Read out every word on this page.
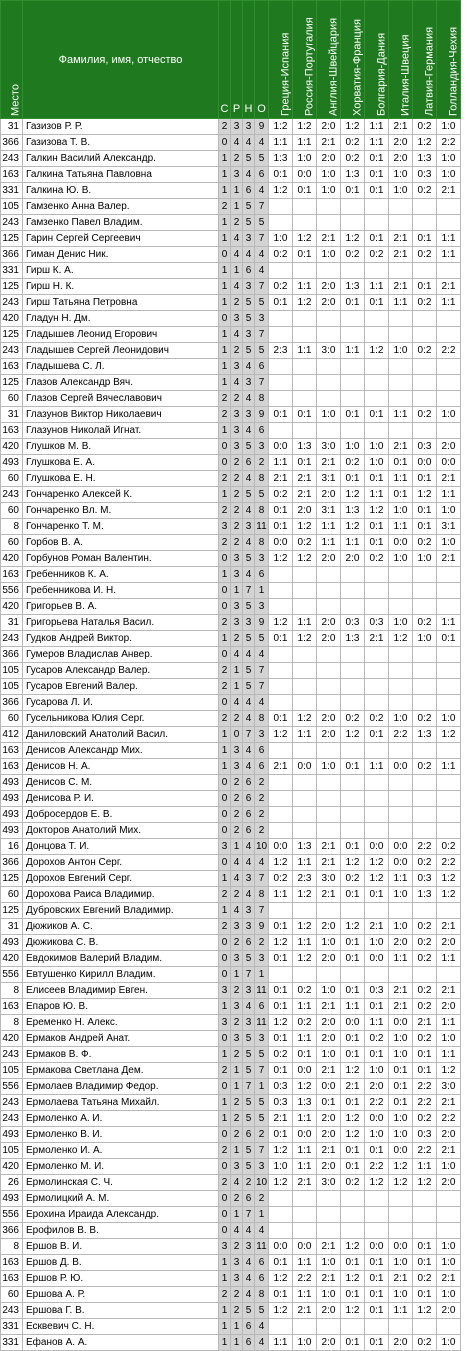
Место	Фамилия, имя, отчество	С	Р	Н	О	Греция-Испания	Россия-Португалия	Англия-Швейцария	Хорватия-Франция	Болгария-Дания	Италия-Швеция	Латвия-Германия	Голландия-Чехия
31	Газизов Р. Р.	2	3	3	9	1:2	1:2	2:0	1:2	1:1	2:1	0:2	1:0
366	Газизова Т. В.	0	4	4	4	1:1	1:1	2:1	0:2	1:1	2:0	1:2	2:2
243	Галкин Василий Александр.	1	2	5	5	1:3	1:0	2:0	0:2	0:1	2:0	1:3	1:0
163	Галкина Татьяна Павловна	1	3	4	6	0:1	0:0	1:0	1:3	0:1	1:0	0:3	1:0
331	Галкина Ю. В.	1	1	6	4	1:2	0:1	1:0	0:1	0:1	1:0	0:2	2:1
105	Гамзенко Анна Валер.	2	1	5	7								
243	Гамзенко Павел Владим.	1	2	5	5								
125	Гарин Сергей Сергеевич	1	4	3	7	1:0	1:2	2:1	1:2	0:1	2:1	0:1	1:1
366	Гиман Денис Ник.	0	4	4	4	0:2	0:1	1:0	0:2	0:2	2:1	0:2	1:1
331	Гирш К. А.	1	1	6	4								
125	Гирш Н. К.	1	4	3	7	0:2	1:1	2:0	1:3	1:1	2:1	0:1	2:1
243	Гирш Татьяна Петровна	1	2	5	5	0:1	1:2	2:0	0:1	0:1	1:1	0:2	1:1
420	Гладун Н. Дм.	0	3	5	3								
125	Гладышев Леонид Егорович	1	4	3	7								
243	Гладышев Сергей Леонидович	1	2	5	5	2:3	1:1	3:0	1:1	1:2	1:0	0:2	2:2
163	Гладышева С. Л.	1	3	4	6								
125	Глазов Александр Вяч.	1	4	3	7								
60	Глазов Сергей Вячеславович	2	2	4	8								
31	Глазунов Виктор Николаевич	2	3	3	9	0:1	0:1	1:0	0:1	0:1	1:1	0:2	1:0
163	Глазунов Николай Игнат.	1	3	4	6								
420	Глушков М. В.	0	3	5	3	0:0	1:3	3:0	1:0	1:0	2:1	0:3	2:0
493	Глушкова Е. А.	0	2	6	2	1:1	0:1	2:1	0:2	1:0	0:1	0:0	0:0
60	Глушкова Е. Н.	2	2	4	8	2:1	2:1	3:1	0:1	0:1	1:1	0:1	2:1
243	Гончаренко Алексей К.	1	2	5	5	0:2	2:1	2:0	1:2	1:1	0:1	1:2	1:1
60	Гончаренко Вл. М.	2	2	4	8	0:1	2:0	3:1	1:3	1:2	1:0	0:1	1:0
8	Гончаренко Т. М.	3	2	3	11	0:1	1:2	1:1	1:2	0:1	1:1	0:1	3:1
60	Горбов В. А.	2	2	4	8	0:0	0:2	1:1	1:1	0:1	0:0	0:2	1:0
420	Горбунов Роман Валентин.	0	3	5	3	1:2	1:2	2:0	2:0	0:2	1:0	1:0	2:1
163	Гребенников К. А.	1	3	4	6								
556	Гребенникова И. Н.	0	1	7	1								
420	Григорьев В. А.	0	3	5	3								
31	Григорьева Наталья Васил.	2	3	3	9	1:2	1:1	2:0	0:3	0:3	1:0	0:2	1:1
243	Гудков Андрей Виктор.	1	2	5	5	0:1	1:2	2:0	1:3	2:1	1:2	1:0	0:1
366	Гумеров Владислав Анвер.	0	4	4	4								
105	Гусаров Александр Валер.	2	1	5	7								
105	Гусаров Евгений Валер.	2	1	5	7								
366	Гусарова Л. И.	0	4	4	4								
60	Гусельникова Юлия Серг.	2	2	4	8	0:1	1:2	2:0	0:2	0:2	1:0	0:2	1:0
412	Даниловский Анатолий Васил.	1	0	7	3	1:2	1:1	2:0	1:2	0:1	2:2	1:3	1:2
163	Денисов Александр Мих.	1	3	4	6								
163	Денисов Н. А.	1	3	4	6	2:1	0:0	1:0	0:1	1:1	0:0	0:2	1:1
493	Денисов С. М.	0	2	6	2								
493	Денисова Р. И.	0	2	6	2								
493	Добросердов Е. В.	0	2	6	2								
493	Докторов Анатолий Мих.	0	2	6	2								
16	Донцова Т. И.	3	1	4	10	0:0	1:3	2:1	0:1	0:0	0:0	2:2	0:2
366	Дорохов Антон Серг.	0	4	4	4	1:2	1:1	2:1	1:2	1:2	0:0	0:2	2:2
125	Дорохов Евгений Серг.	1	4	3	7	0:2	2:3	3:0	0:2	1:2	1:1	0:3	1:2
60	Дорохова Раиса Владимир.	2	2	4	8	1:1	1:2	2:1	0:1	0:1	1:0	1:3	1:2
125	Дубровских Евгений Владимир.	1	4	3	7								
31	Дюжиков А. С.	2	3	3	9	0:1	1:2	2:0	1:2	2:1	1:0	0:2	2:1
493	Дюжикова С. В.	0	2	6	2	1:2	1:1	1:0	0:1	1:0	2:0	0:2	2:0
420	Евдокимов Валерий Владим.	0	3	5	3	0:1	1:2	2:0	0:1	0:0	1:1	0:2	1:1
556	Евтушенко Кирилл Владим.	0	1	7	1								
8	Елисеев Владимир Евген.	3	2	3	11	0:1	0:2	1:0	0:1	0:3	2:1	0:2	2:1
163	Епаров Ю. В.	1	3	4	6	0:1	1:1	2:1	1:1	0:1	2:1	0:2	2:0
8	Еременко Н. Алекс.	3	2	3	11	1:2	0:2	2:0	0:0	1:1	0:0	2:1	1:1
420	Ермаков Андрей Анат.	0	3	5	3	0:1	1:1	2:0	0:1	0:2	1:0	0:2	1:0
243	Ермаков В. Ф.	1	2	5	5	0:2	0:1	1:0	0:1	0:1	1:0	0:1	1:1
105	Ермакова Светлана Дем.	2	1	5	7	0:1	0:0	2:1	1:2	1:0	0:1	0:1	1:2
556	Ермолаев Владимир Федор.	0	1	7	1	0:3	1:2	0:0	2:1	2:0	0:1	2:2	3:0
243	Ермолаева Татьяна Михайл.	1	2	5	5	0:3	1:3	0:1	0:1	2:2	0:1	2:2	2:1
243	Ермоленко А. И.	1	2	5	5	2:1	1:1	2:0	1:2	0:0	1:0	0:2	2:2
493	Ермоленко В. И.	0	2	6	2	0:1	0:0	2:0	1:2	1:0	1:0	0:3	2:0
105	Ермоленко И. А.	2	1	5	7	1:2	1:1	2:1	0:1	0:1	0:0	2:2	2:1
420	Ермоленко М. И.	0	3	5	3	1:0	1:1	2:0	0:1	2:2	1:2	1:1	1:0
26	Ермолинская С. Ч.	2	4	2	10	1:2	2:1	3:0	0:2	1:2	1:2	1:2	2:0
493	Ермолицкий А. М.	0	2	6	2								
556	Ерохина Ираида Александр.	0	1	7	1								
366	Ерофилов В. В.	0	4	4	4								
8	Ершов В. И.	3	2	3	11	0:0	0:0	2:1	1:2	0:0	0:0	0:1	1:0
163	Ершов Д. В.	1	3	4	6	0:1	1:1	1:0	0:1	0:1	1:0	0:1	1:0
163	Ершов Р. Ю.	1	3	4	6	1:2	2:2	2:1	1:2	0:1	2:1	0:2	2:1
60	Ершова А. Р.	2	2	4	8	0:1	1:1	1:0	0:1	0:1	1:0	0:1	1:0
243	Ершова Г. В.	1	2	5	5	1:2	2:1	2:0	1:2	0:1	1:1	1:2	2:0
331	Есквевич С. Н.	1	1	6	4								
331	Ефанов А. А.	1	1	6	4	1:1	1:0	2:0	0:1	0:1	2:0	0:2	1:0
